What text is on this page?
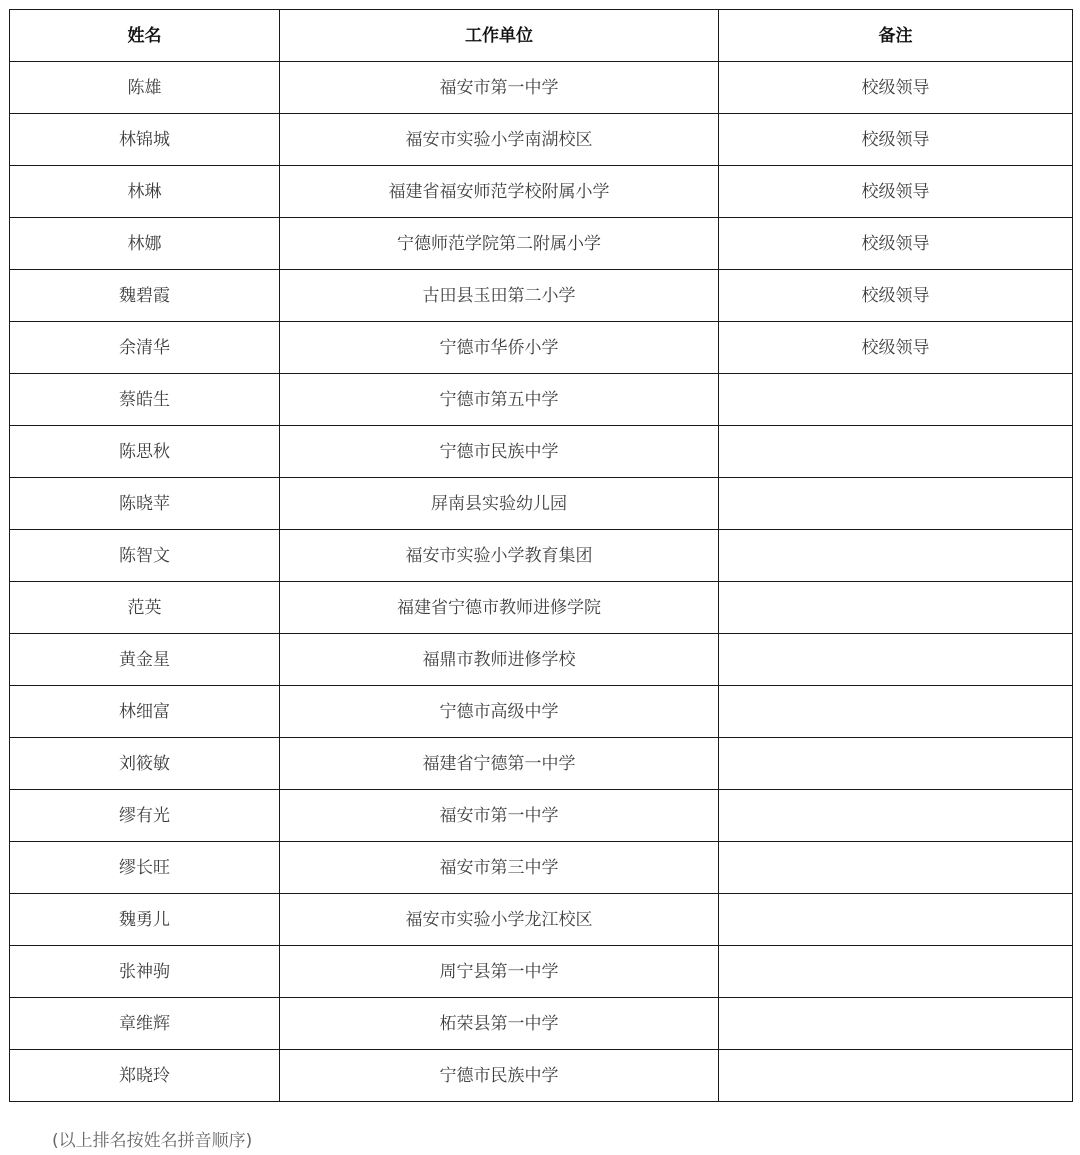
姓名	工作单位	备注
陈雄	福安市第一中学	校级领导
林锦城	福安市实验小学南湖校区	校级领导
林琳	福建省福安师范学校附属小学	校级领导
林娜	宁德师范学院第二附属小学	校级领导
魏碧霞	古田县玉田第二小学	校级领导
余清华	宁德市华侨小学	校级领导
蔡皓生	宁德市第五中学	
陈思秋	宁德市民族中学	
陈晓苹	屏南县实验幼儿园	
陈智文	福安市实验小学教育集团	
范英	福建省宁德市教师进修学院	
黄金星	福鼎市教师进修学校	
林细富	宁德市高级中学	
刘筱敏	福建省宁德第一中学	
缪有光	福安市第一中学	
缪长旺	福安市第三中学	
魏勇儿	福安市实验小学龙江校区	
张神驹	周宁县第一中学	
章维辉	柘荣县第一中学	
郑晓玲	宁德市民族中学	

(以上排名按姓名拼音顺序)
